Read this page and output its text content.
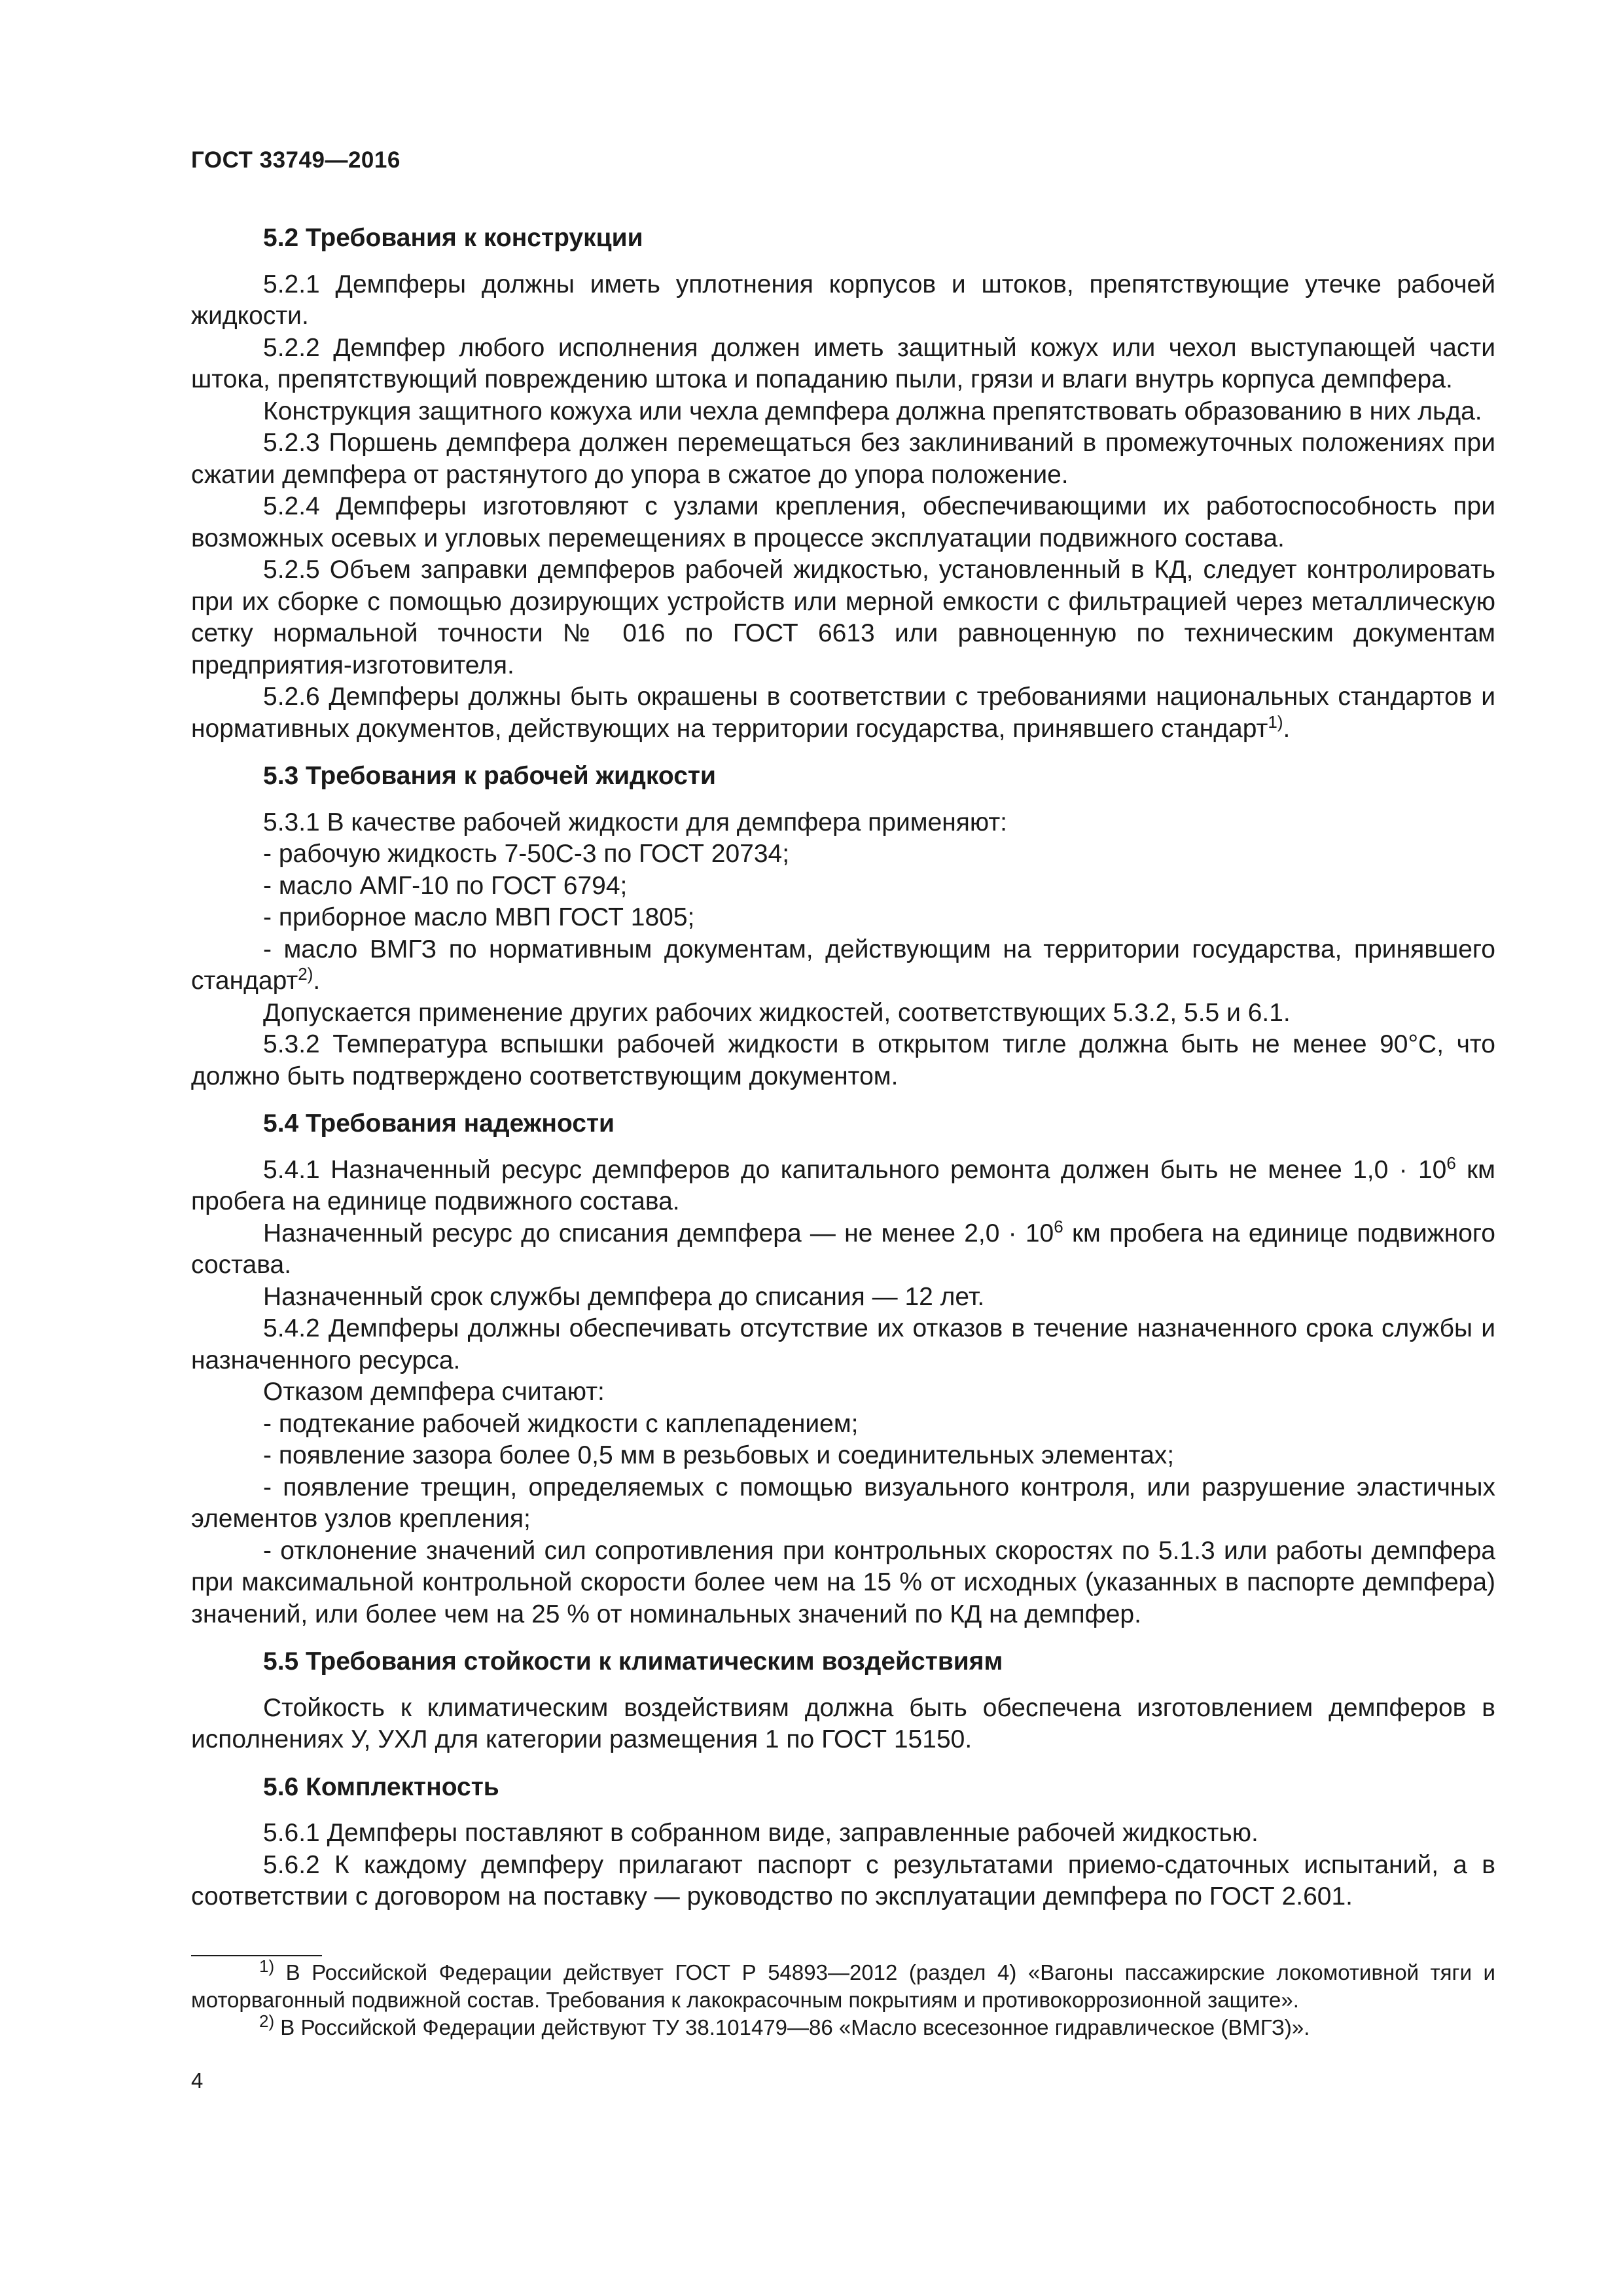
ГОСТ 33749—2016
5.2 Требования к конструкции

5.2.1 Демпферы должны иметь уплотнения корпусов и штоков, препятствующие утечке рабочей жидкости.

5.2.2 Демпфер любого исполнения должен иметь защитный кожух или чехол выступающей части штока, препятствующий повреждению штока и попаданию пыли, грязи и влаги внутрь корпуса демпфера.

Конструкция защитного кожуха или чехла демпфера должна препятствовать образованию в них льда.

5.2.3 Поршень демпфера должен перемещаться без заклиниваний в промежуточных положениях при сжатии демпфера от растянутого до упора в сжатое до упора положение.

5.2.4 Демпферы изготовляют с узлами крепления, обеспечивающими их работоспособность при возможных осевых и угловых перемещениях в процессе эксплуатации подвижного состава.

5.2.5 Объем заправки демпферов рабочей жидкостью, установленный в КД, следует контролировать при их сборке с помощью дозирующих устройств или мерной емкости с фильтрацией через металлическую сетку нормальной точности № 016 по ГОСТ 6613 или равноценную по техническим документам предприятия-изготовителя.

5.2.6 Демпферы должны быть окрашены в соответствии с требованиями национальных стандартов и нормативных документов, действующих на территории государства, принявшего стандарт$^{1)}$.

5.3 Требования к рабочей жидкости

5.3.1 В качестве рабочей жидкости для демпфера применяют:

- рабочую жидкость 7-50С-3 по ГОСТ 20734;

- масло АМГ-10 по ГОСТ 6794;

- приборное масло МВП ГОСТ 1805;

- масло ВМГЗ по нормативным документам, действующим на территории государства, принявшего стандарт$^{2)}$.

Допускается применение других рабочих жидкостей, соответствующих 5.3.2, 5.5 и 6.1.

5.3.2 Температура вспышки рабочей жидкости в открытом тигле должна быть не менее 90°С, что должно быть подтверждено соответствующим документом.

5.4 Требования надежности

5.4.1 Назначенный ресурс демпферов до капитального ремонта должен быть не менее $1,0 \cdot 10^6$ км пробега на единице подвижного состава.

Назначенный ресурс до списания демпфера — не менее $2,0 \cdot 10^6$ км пробега на единице подвижного состава.

Назначенный срок службы демпфера до списания — 12 лет.

5.4.2 Демпферы должны обеспечивать отсутствие их отказов в течение назначенного срока службы и назначенного ресурса.

Отказом демпфера считают:

- подтекание рабочей жидкости с каплепадением;

- появление зазора более 0,5 мм в резьбовых и соединительных элементах;

- появление трещин, определяемых с помощью визуального контроля, или разрушение эластичных элементов узлов крепления;

- отклонение значений сил сопротивления при контрольных скоростях по 5.1.3 или работы демпфера при максимальной контрольной скорости более чем на 15 % от исходных (указанных в паспорте демпфера) значений, или более чем на 25 % от номинальных значений по КД на демпфер.

5.5 Требования стойкости к климатическим воздействиям

Стойкость к климатическим воздействиям должна быть обеспечена изготовлением демпферов в исполнениях У, УХЛ для категории размещения 1 по ГОСТ 15150.

5.6 Комплектность

5.6.1 Демпферы поставляют в собранном виде, заправленные рабочей жидкостью.

5.6.2 К каждому демпферу прилагают паспорт с результатами приемо-сдаточных испытаний, а в соответствии с договором на поставку — руководство по эксплуатации демпфера по ГОСТ 2.601.

$^{1)}$ В Российской Федерации действует ГОСТ Р 54893—2012 (раздел 4) «Вагоны пассажирские локомотивной тяги и моторвагонный подвижной состав. Требования к лакокрасочным покрытиям и противокоррозионной защите».

$^{2)}$ В Российской Федерации действуют ТУ 38.101479—86 «Масло всесезонное гидравлическое (ВМГЗ)».

4
